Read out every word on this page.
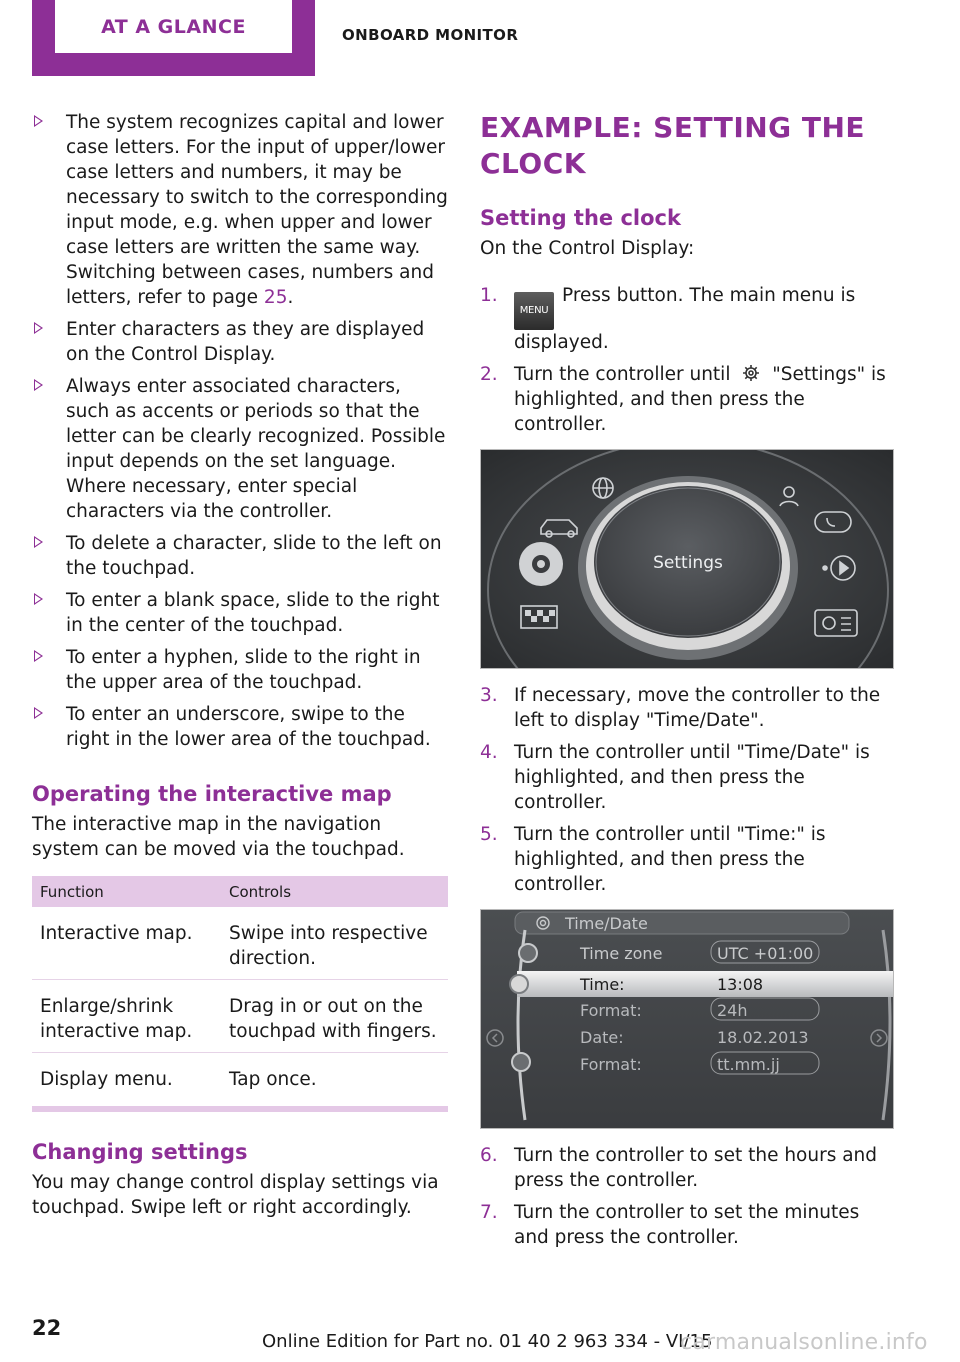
AT A GLANCE	ONBOARD MONITOR
The system recognizes capital and lower case letters. For the input of upper/lower case letters and numbers, it may be necessary to switch to the corresponding input mode, e.g. when upper and lower case letters are written the same way. Switching between cases, numbers and letters, refer to page 25.
Enter characters as they are displayed on the Control Display.
Always enter associated characters, such as accents or periods so that the letter can be clearly recognized. Possible input depends on the set language. Where necessary, enter special characters via the controller.
To delete a character, slide to the left on the touchpad.
To enter a blank space, slide to the right in the center of the touchpad.
To enter a hyphen, slide to the right in the upper area of the touchpad.
To enter an underscore, swipe to the right in the lower area of the touchpad.
Operating the interactive map

The interactive map in the navigation system can be moved via the touchpad.

Function	Controls
Interactive map.	Swipe into respective direction.
Enlarge/shrink interactive map.	Drag in or out on the touchpad with fingers.
Display menu.	Tap once.
Changing settings

You may change control display settings via touchpad. Swipe left or right accordingly.

EXAMPLE: SETTING THE CLOCK
Setting the clock

On the Control Display:

1.
MENUPress button. The main menu is displayed.
2. Turn the controller until "Settings" is highlighted, and then press the controller.
Settings
3. If necessary, move the controller to the left to display "Time/Date".
4. Turn the controller until "Time/Date" is highlighted, and then press the controller.
5. Turn the controller until "Time:" is highlighted, and then press the controller.
Time/Date
Time zone	UTC +01:00
Time:	13:08
Format:	24h
Date:	18.02.2013
Format:	tt.mm.jj
6. Turn the controller to set the hours and press the controller.
7. Turn the controller to set the minutes and press the controller.
22
Online Edition for Part no. 01 40 2 963 334 - VI/15
carmanualsonline.info
